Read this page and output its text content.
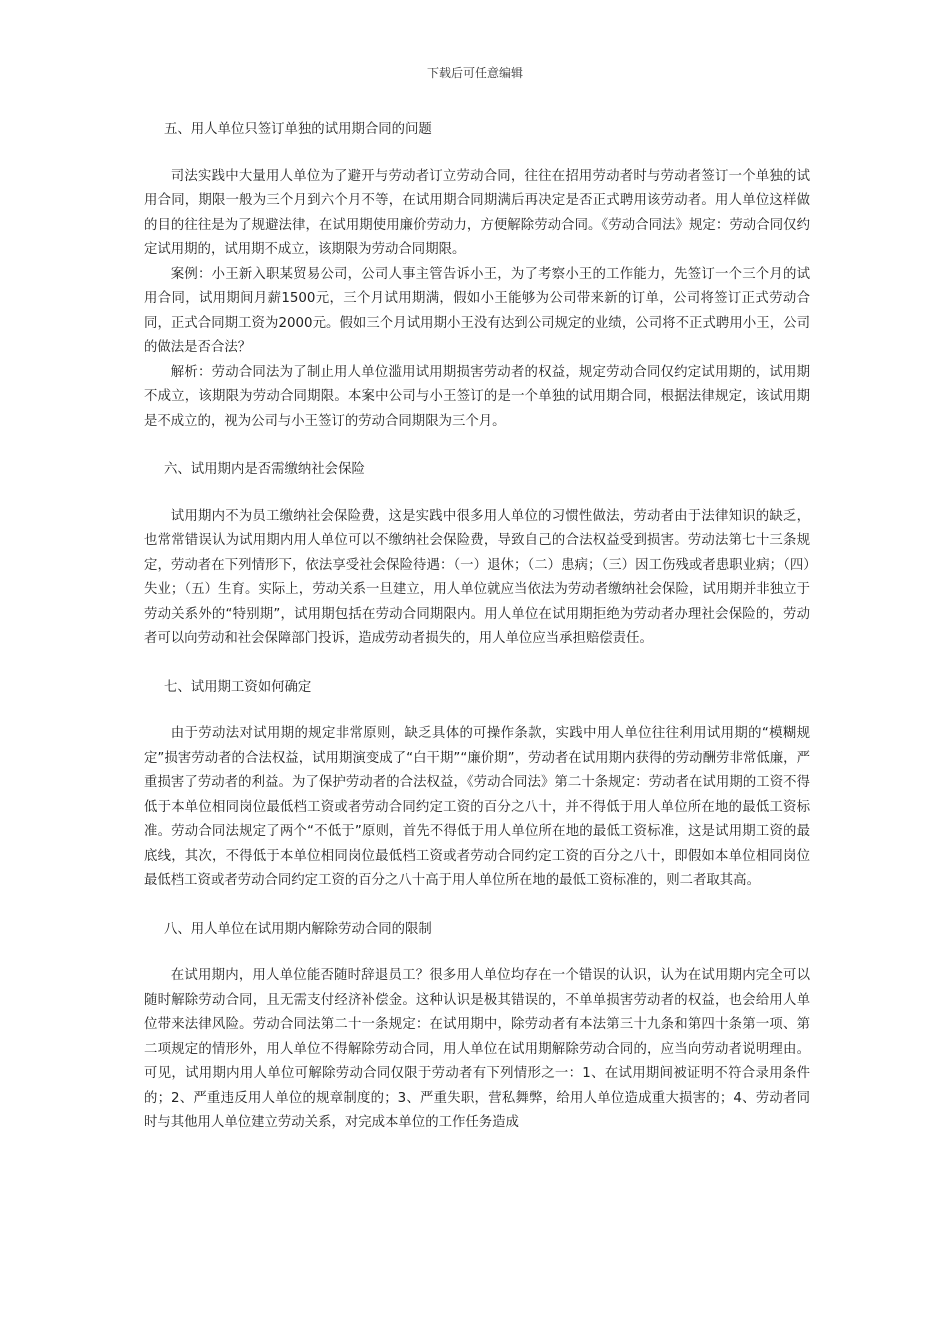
下载后可任意编辑

五、用人单位只签订单独的试用期合同的问题

司法实践中大量用人单位为了避开与劳动者订立劳动合同，往往在招用劳动者时与劳动者签订一个单独的试用合同，期限一般为三个月到六个月不等，在试用期合同期满后再决定是否正式聘用该劳动者。用人单位这样做的目的往往是为了规避法律，在试用期使用廉价劳动力，方便解除劳动合同。《劳动合同法》规定：劳动合同仅约定试用期的，试用期不成立，该期限为劳动合同期限。

案例：小王新入职某贸易公司，公司人事主管告诉小王，为了考察小王的工作能力，先签订一个三个月的试用合同，试用期间月薪1500元，三个月试用期满，假如小王能够为公司带来新的订单，公司将签订正式劳动合同，正式合同期工资为2000元。假如三个月试用期小王没有达到公司规定的业绩，公司将不正式聘用小王，公司的做法是否合法？

解析：劳动合同法为了制止用人单位滥用试用期损害劳动者的权益，规定劳动合同仅约定试用期的，试用期不成立，该期限为劳动合同期限。本案中公司与小王签订的是一个单独的试用期合同，根据法律规定，该试用期是不成立的，视为公司与小王签订的劳动合同期限为三个月。

六、试用期内是否需缴纳社会保险

试用期内不为员工缴纳社会保险费，这是实践中很多用人单位的习惯性做法，劳动者由于法律知识的缺乏，也常常错误认为试用期内用人单位可以不缴纳社会保险费，导致自己的合法权益受到损害。劳动法第七十三条规定，劳动者在下列情形下，依法享受社会保险待遇：（一）退休；（二）患病；（三）因工伤残或者患职业病；（四）失业；（五）生育。实际上，劳动关系一旦建立，用人单位就应当依法为劳动者缴纳社会保险，试用期并非独立于劳动关系外的“特别期”，试用期包括在劳动合同期限内。用人单位在试用期拒绝为劳动者办理社会保险的，劳动者可以向劳动和社会保障部门投诉，造成劳动者损失的，用人单位应当承担赔偿责任。

七、试用期工资如何确定

由于劳动法对试用期的规定非常原则，缺乏具体的可操作条款，实践中用人单位往往利用试用期的“模糊规定”损害劳动者的合法权益，试用期演变成了“白干期”“廉价期”，劳动者在试用期内获得的劳动酬劳非常低廉，严重损害了劳动者的利益。为了保护劳动者的合法权益，《劳动合同法》第二十条规定：劳动者在试用期的工资不得低于本单位相同岗位最低档工资或者劳动合同约定工资的百分之八十，并不得低于用人单位所在地的最低工资标准。劳动合同法规定了两个“不低于”原则，首先不得低于用人单位所在地的最低工资标准，这是试用期工资的最底线，其次，不得低于本单位相同岗位最低档工资或者劳动合同约定工资的百分之八十，即假如本单位相同岗位最低档工资或者劳动合同约定工资的百分之八十高于用人单位所在地的最低工资标准的，则二者取其高。

八、用人单位在试用期内解除劳动合同的限制

在试用期内，用人单位能否随时辞退员工？很多用人单位均存在一个错误的认识，认为在试用期内完全可以随时解除劳动合同，且无需支付经济补偿金。这种认识是极其错误的，不单单损害劳动者的权益，也会给用人单位带来法律风险。劳动合同法第二十一条规定：在试用期中，除劳动者有本法第三十九条和第四十条第一项、第二项规定的情形外，用人单位不得解除劳动合同，用人单位在试用期解除劳动合同的，应当向劳动者说明理由。可见，试用期内用人单位可解除劳动合同仅限于劳动者有下列情形之一：1、在试用期间被证明不符合录用条件的；2、严重违反用人单位的规章制度的；3、严重失职，营私舞弊，给用人单位造成重大损害的；4、劳动者同时与其他用人单位建立劳动关系，对完成本单位的工作任务造成
